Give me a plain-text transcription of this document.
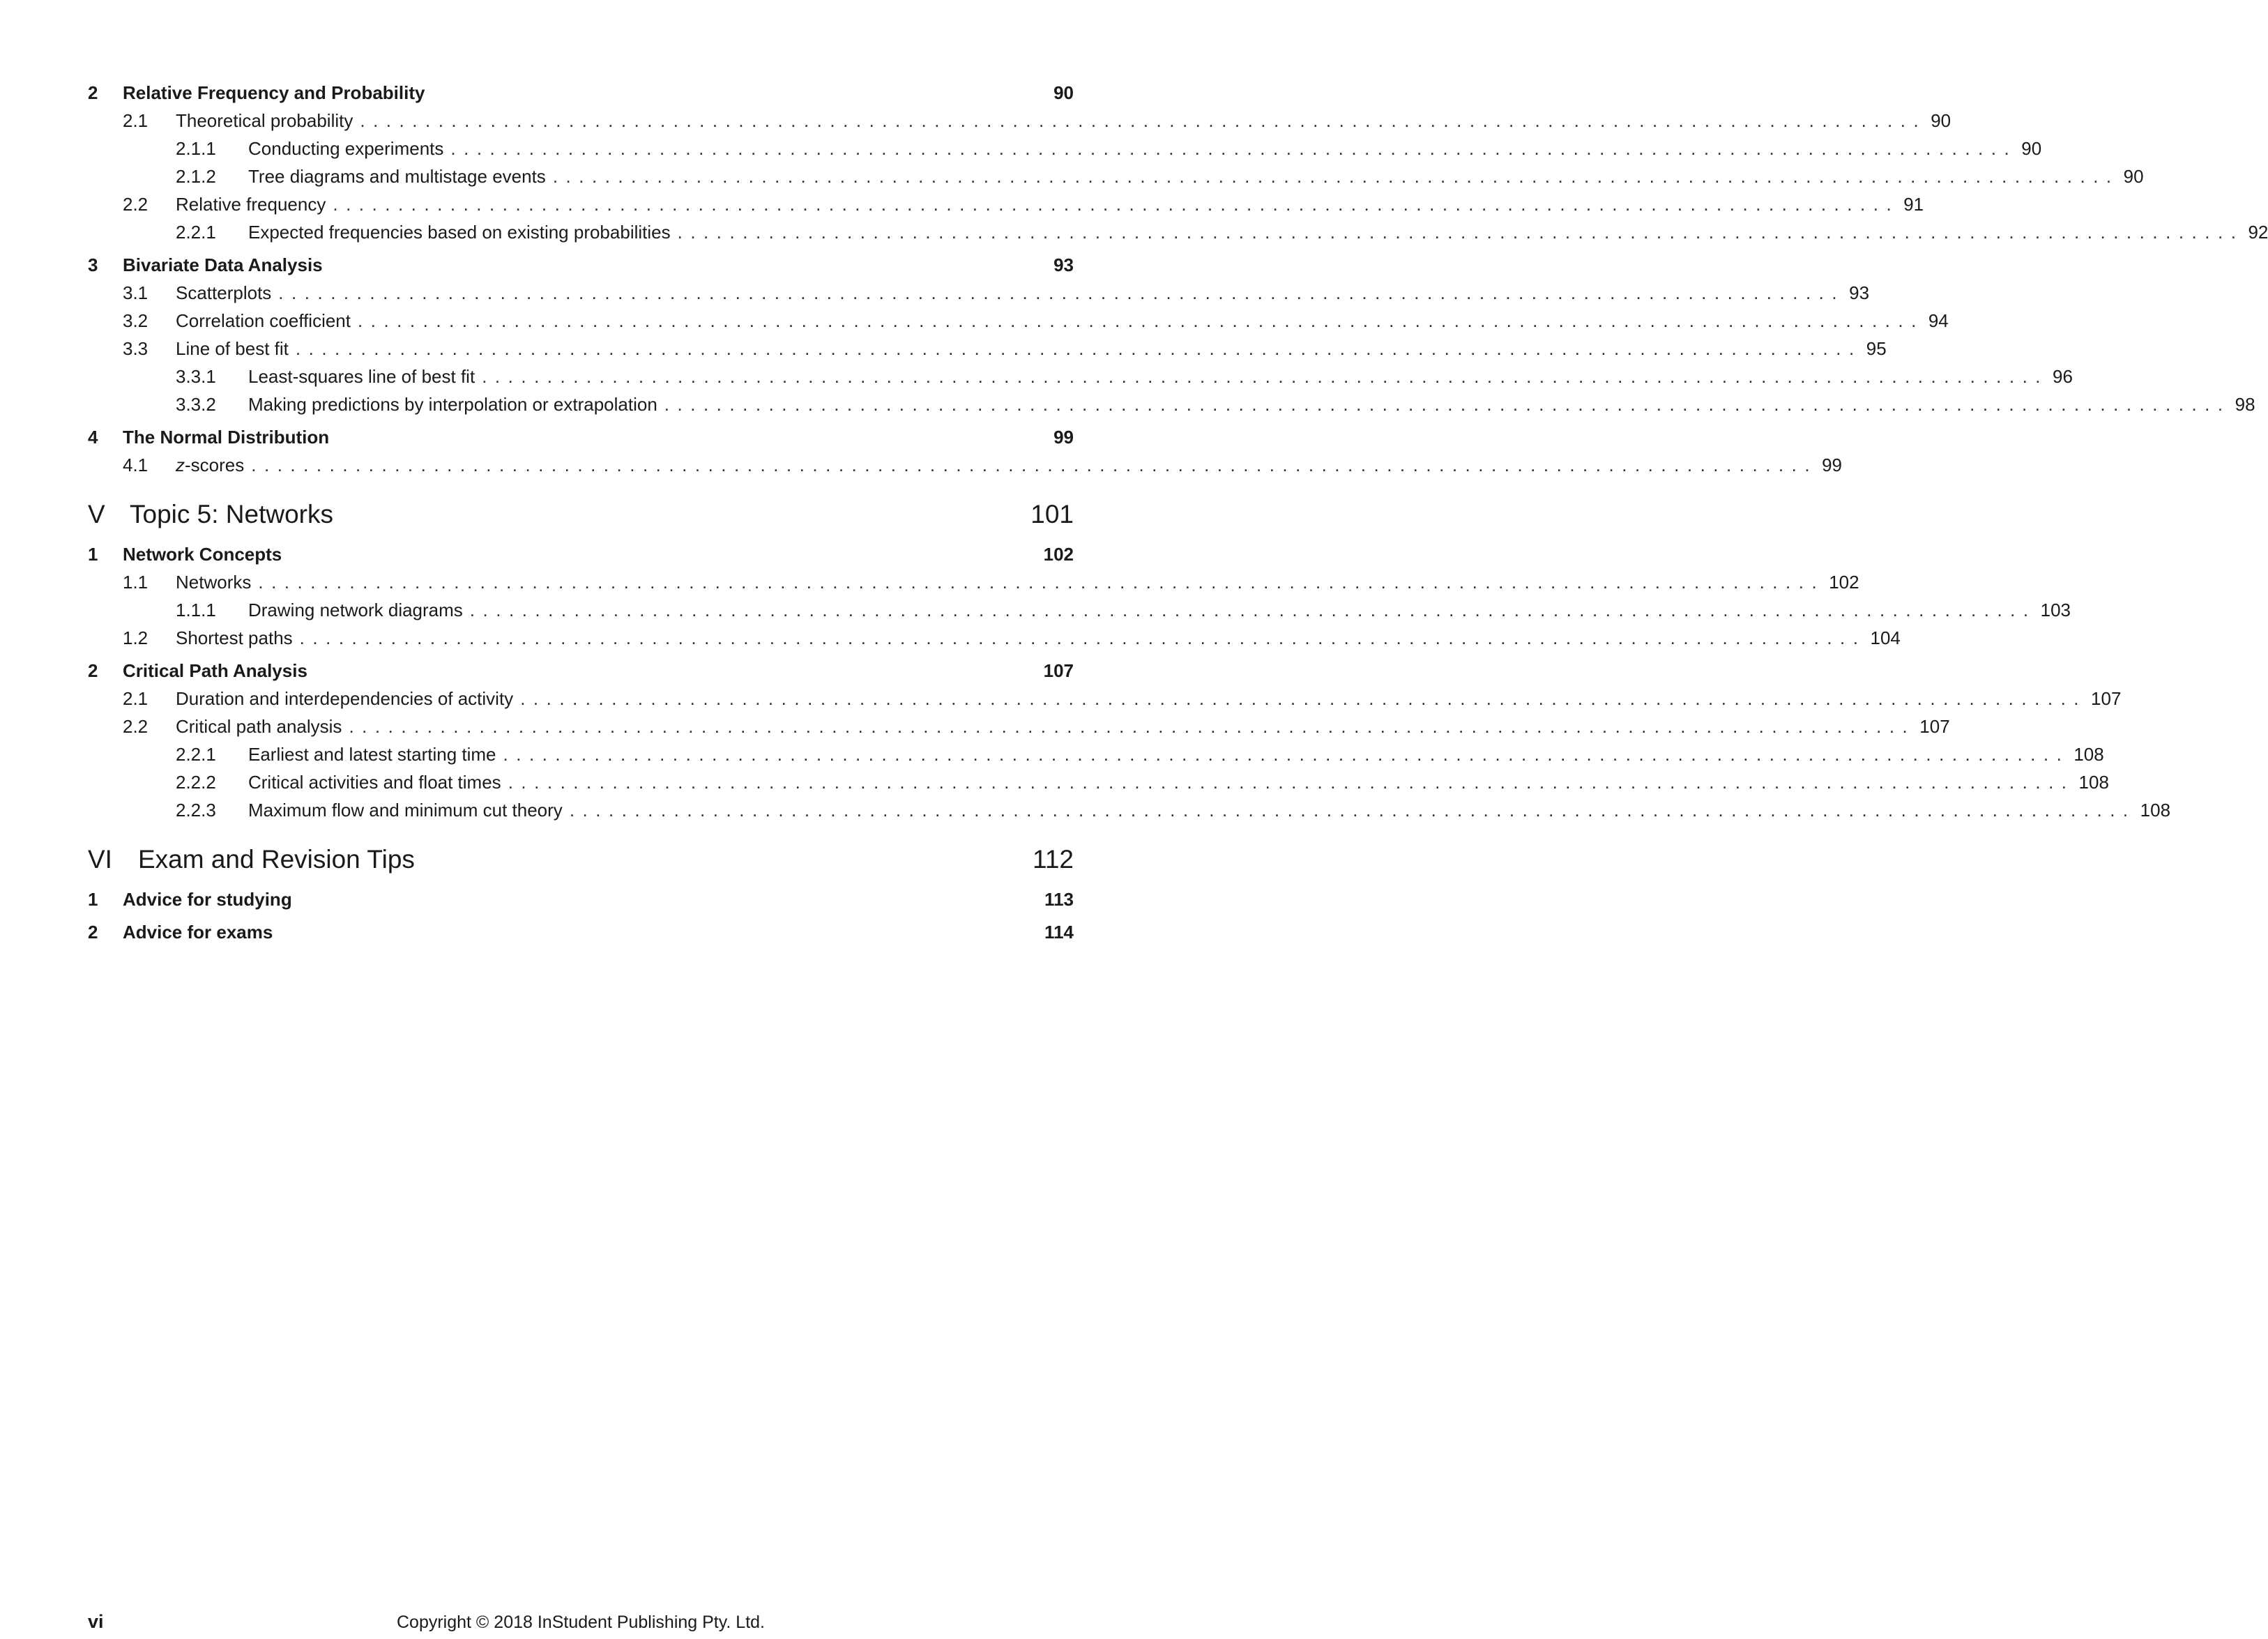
2	Relative Frequency and Probability	90
2.1	Theoretical probability ........................................................................................................................ 90
2.1.1	Conducting experiments ........................................................................................................................ 90
2.1.2	Tree diagrams and multistage events ........................................................................................................................ 90
2.2	Relative frequency ........................................................................................................................ 91
2.2.1	Expected frequencies based on existing probabilities ........................................................................................................................ 92
3	Bivariate Data Analysis	93
3.1	Scatterplots ........................................................................................................................ 93
3.2	Correlation coefficient ........................................................................................................................ 94
3.3	Line of best fit ........................................................................................................................ 95
3.3.1	Least-squares line of best fit ........................................................................................................................ 96
3.3.2	Making predictions by interpolation or extrapolation ........................................................................................................................ 98
4	The Normal Distribution	99
4.1	z-scores ........................................................................................................................ 99
V Topic 5: Networks	101
1	Network Concepts	102
1.1	Networks ........................................................................................................................ 102
1.1.1	Drawing network diagrams ........................................................................................................................ 103
1.2	Shortest paths ........................................................................................................................ 104
2	Critical Path Analysis	107
2.1	Duration and interdependencies of activity ........................................................................................................................ 107
2.2	Critical path analysis ........................................................................................................................ 107
2.2.1	Earliest and latest starting time ........................................................................................................................ 108
2.2.2	Critical activities and float times ........................................................................................................................ 108
2.2.3	Maximum flow and minimum cut theory ........................................................................................................................ 108
VI	Exam and Revision Tips	112
1	Advice for studying	113
2	Advice for exams	114
vi	Copyright © 2018 InStudent Publishing Pty. Ltd.
